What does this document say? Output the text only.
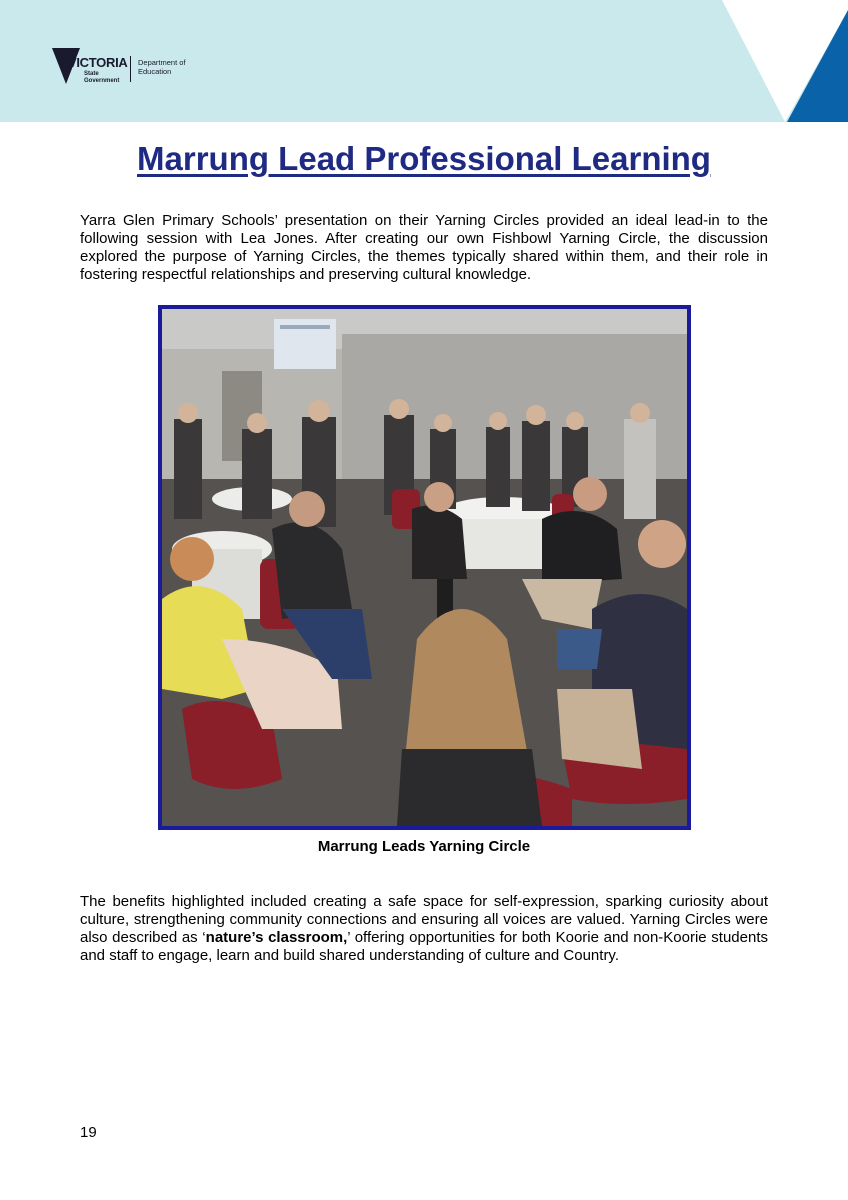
VICTORIA
State Government
Department of Education
Marrung Lead Professional Learning

Yarra Glen Primary Schools’ presentation on their Yarning Circles provided an ideal lead-in to the following session with Lea Jones. After creating our own Fishbowl Yarning Circle, the discussion explored the purpose of Yarning Circles, the themes typically shared within them, and their role in fostering respectful relationships and preserving cultural knowledge.

Marrung Leads Yarning Circle

The benefits highlighted included creating a safe space for self-expression, sparking curiosity about culture, strengthening community connections and ensuring all voices are valued. Yarning Circles were also described as ‘nature’s classroom,’ offering opportunities for both Koorie and non-Koorie students and staff to engage, learn and build shared understanding of culture and Country.

19
